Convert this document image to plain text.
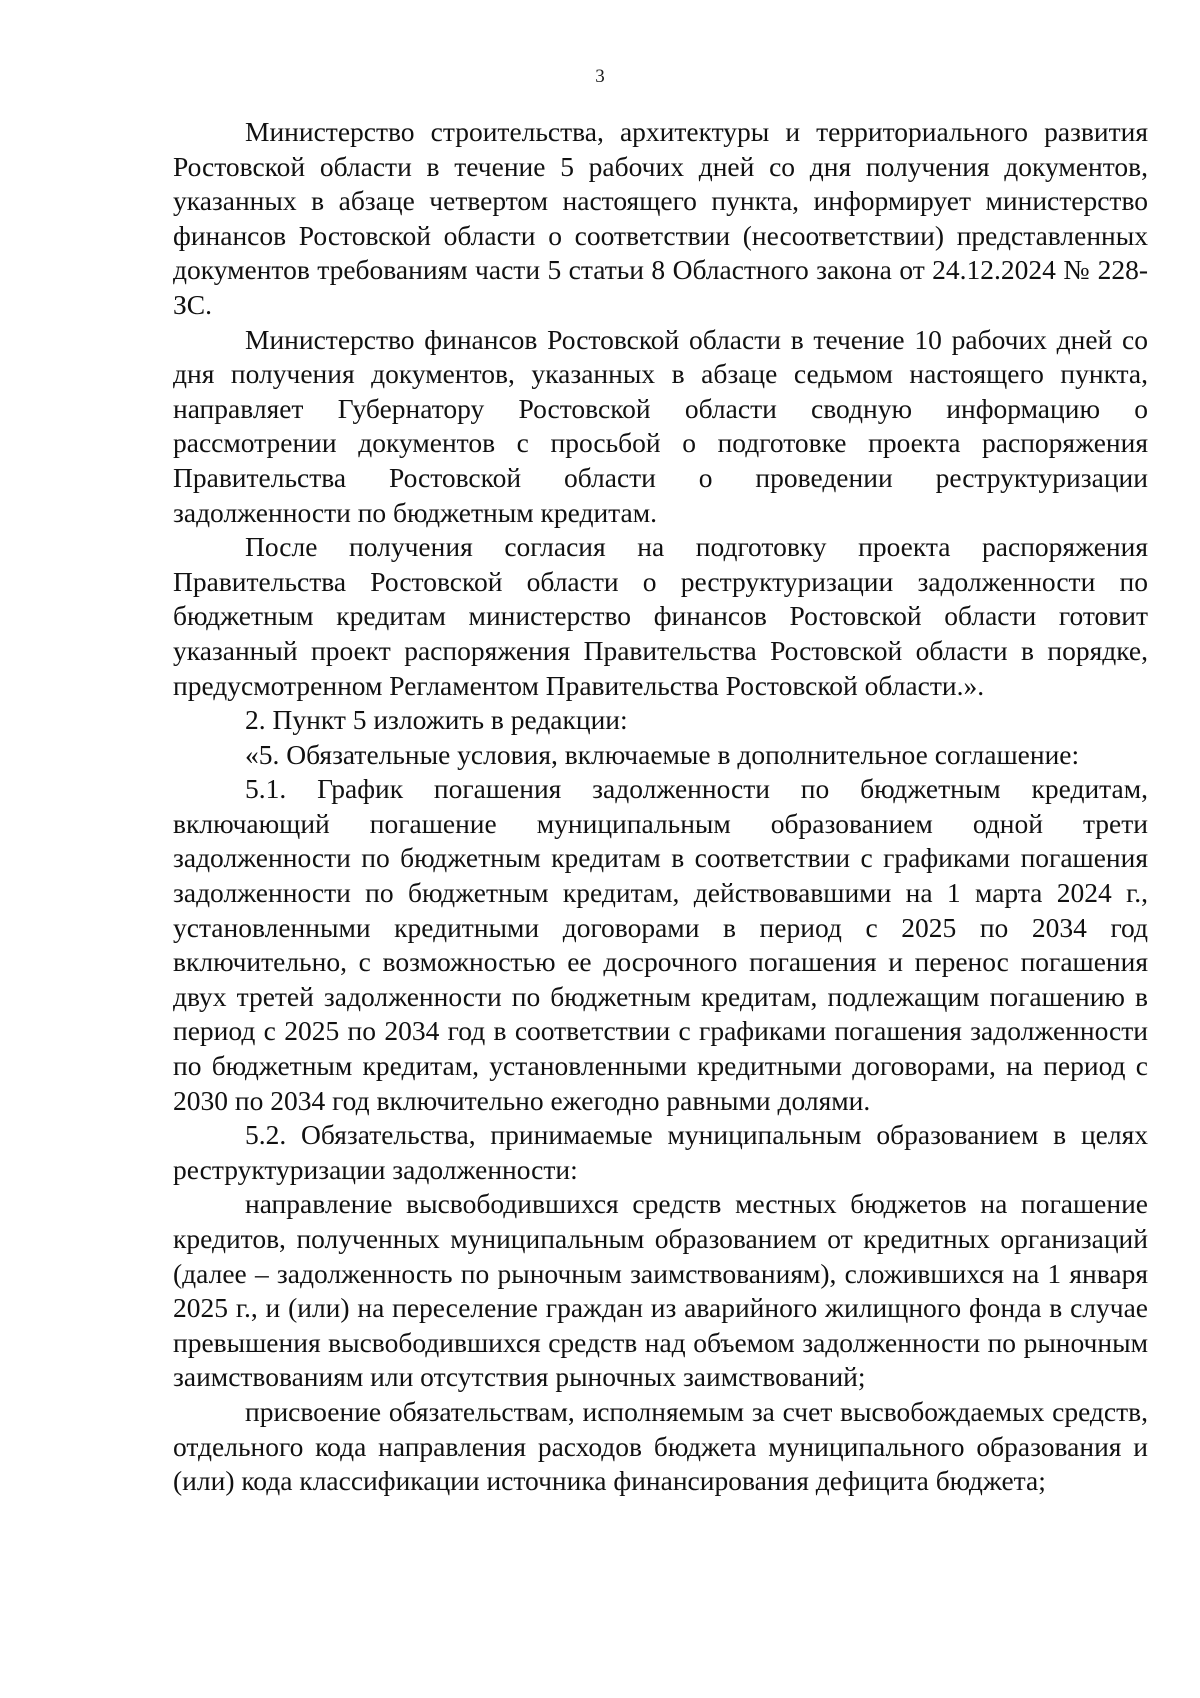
3

Министерство строительства, архитектуры и территориального развития Ростовской области в течение 5 рабочих дней со дня получения документов, указанных в абзаце четвертом настоящего пункта, информирует министерство финансов Ростовской области о соответствии (несоответствии) представленных документов требованиям части 5 статьи 8 Областного закона от 24.12.2024 № 228-ЗС.

Министерство финансов Ростовской области в течение 10 рабочих дней со дня получения документов, указанных в абзаце седьмом настоящего пункта, направляет Губернатору Ростовской области сводную информацию о рассмотрении документов с просьбой о подготовке проекта распоряжения Правительства Ростовской области о проведении реструктуризации задолженности по бюджетным кредитам.

После получения согласия на подготовку проекта распоряжения Правительства Ростовской области о реструктуризации задолженности по бюджетным кредитам министерство финансов Ростовской области готовит указанный проект распоряжения Правительства Ростовской области в порядке, предусмотренном Регламентом Правительства Ростовской области.».

2. Пункт 5 изложить в редакции:

«5. Обязательные условия, включаемые в дополнительное соглашение:

5.1. График погашения задолженности по бюджетным кредитам, включающий погашение муниципальным образованием одной трети задолженности по бюджетным кредитам в соответствии с графиками погашения задолженности по бюджетным кредитам, действовавшими на 1 марта 2024 г., установленными кредитными договорами в период с 2025 по 2034 год включительно, с возможностью ее досрочного погашения и перенос погашения двух третей задолженности по бюджетным кредитам, подлежащим погашению в период с 2025 по 2034 год в соответствии с графиками погашения задолженности по бюджетным кредитам, установленными кредитными договорами, на период с 2030 по 2034 год включительно ежегодно равными долями.

5.2. Обязательства, принимаемые муниципальным образованием в целях реструктуризации задолженности:

направление высвободившихся средств местных бюджетов на погашение кредитов, полученных муниципальным образованием от кредитных организаций (далее – задолженность по рыночным заимствованиям), сложившихся на 1 января 2025 г., и (или) на переселение граждан из аварийного жилищного фонда в случае превышения высвободившихся средств над объемом задолженности по рыночным заимствованиям или отсутствия рыночных заимствований;

присвоение обязательствам, исполняемым за счет высвобождаемых средств, отдельного кода направления расходов бюджета муниципального образования и (или) кода классификации источника финансирования дефицита бюджета;
